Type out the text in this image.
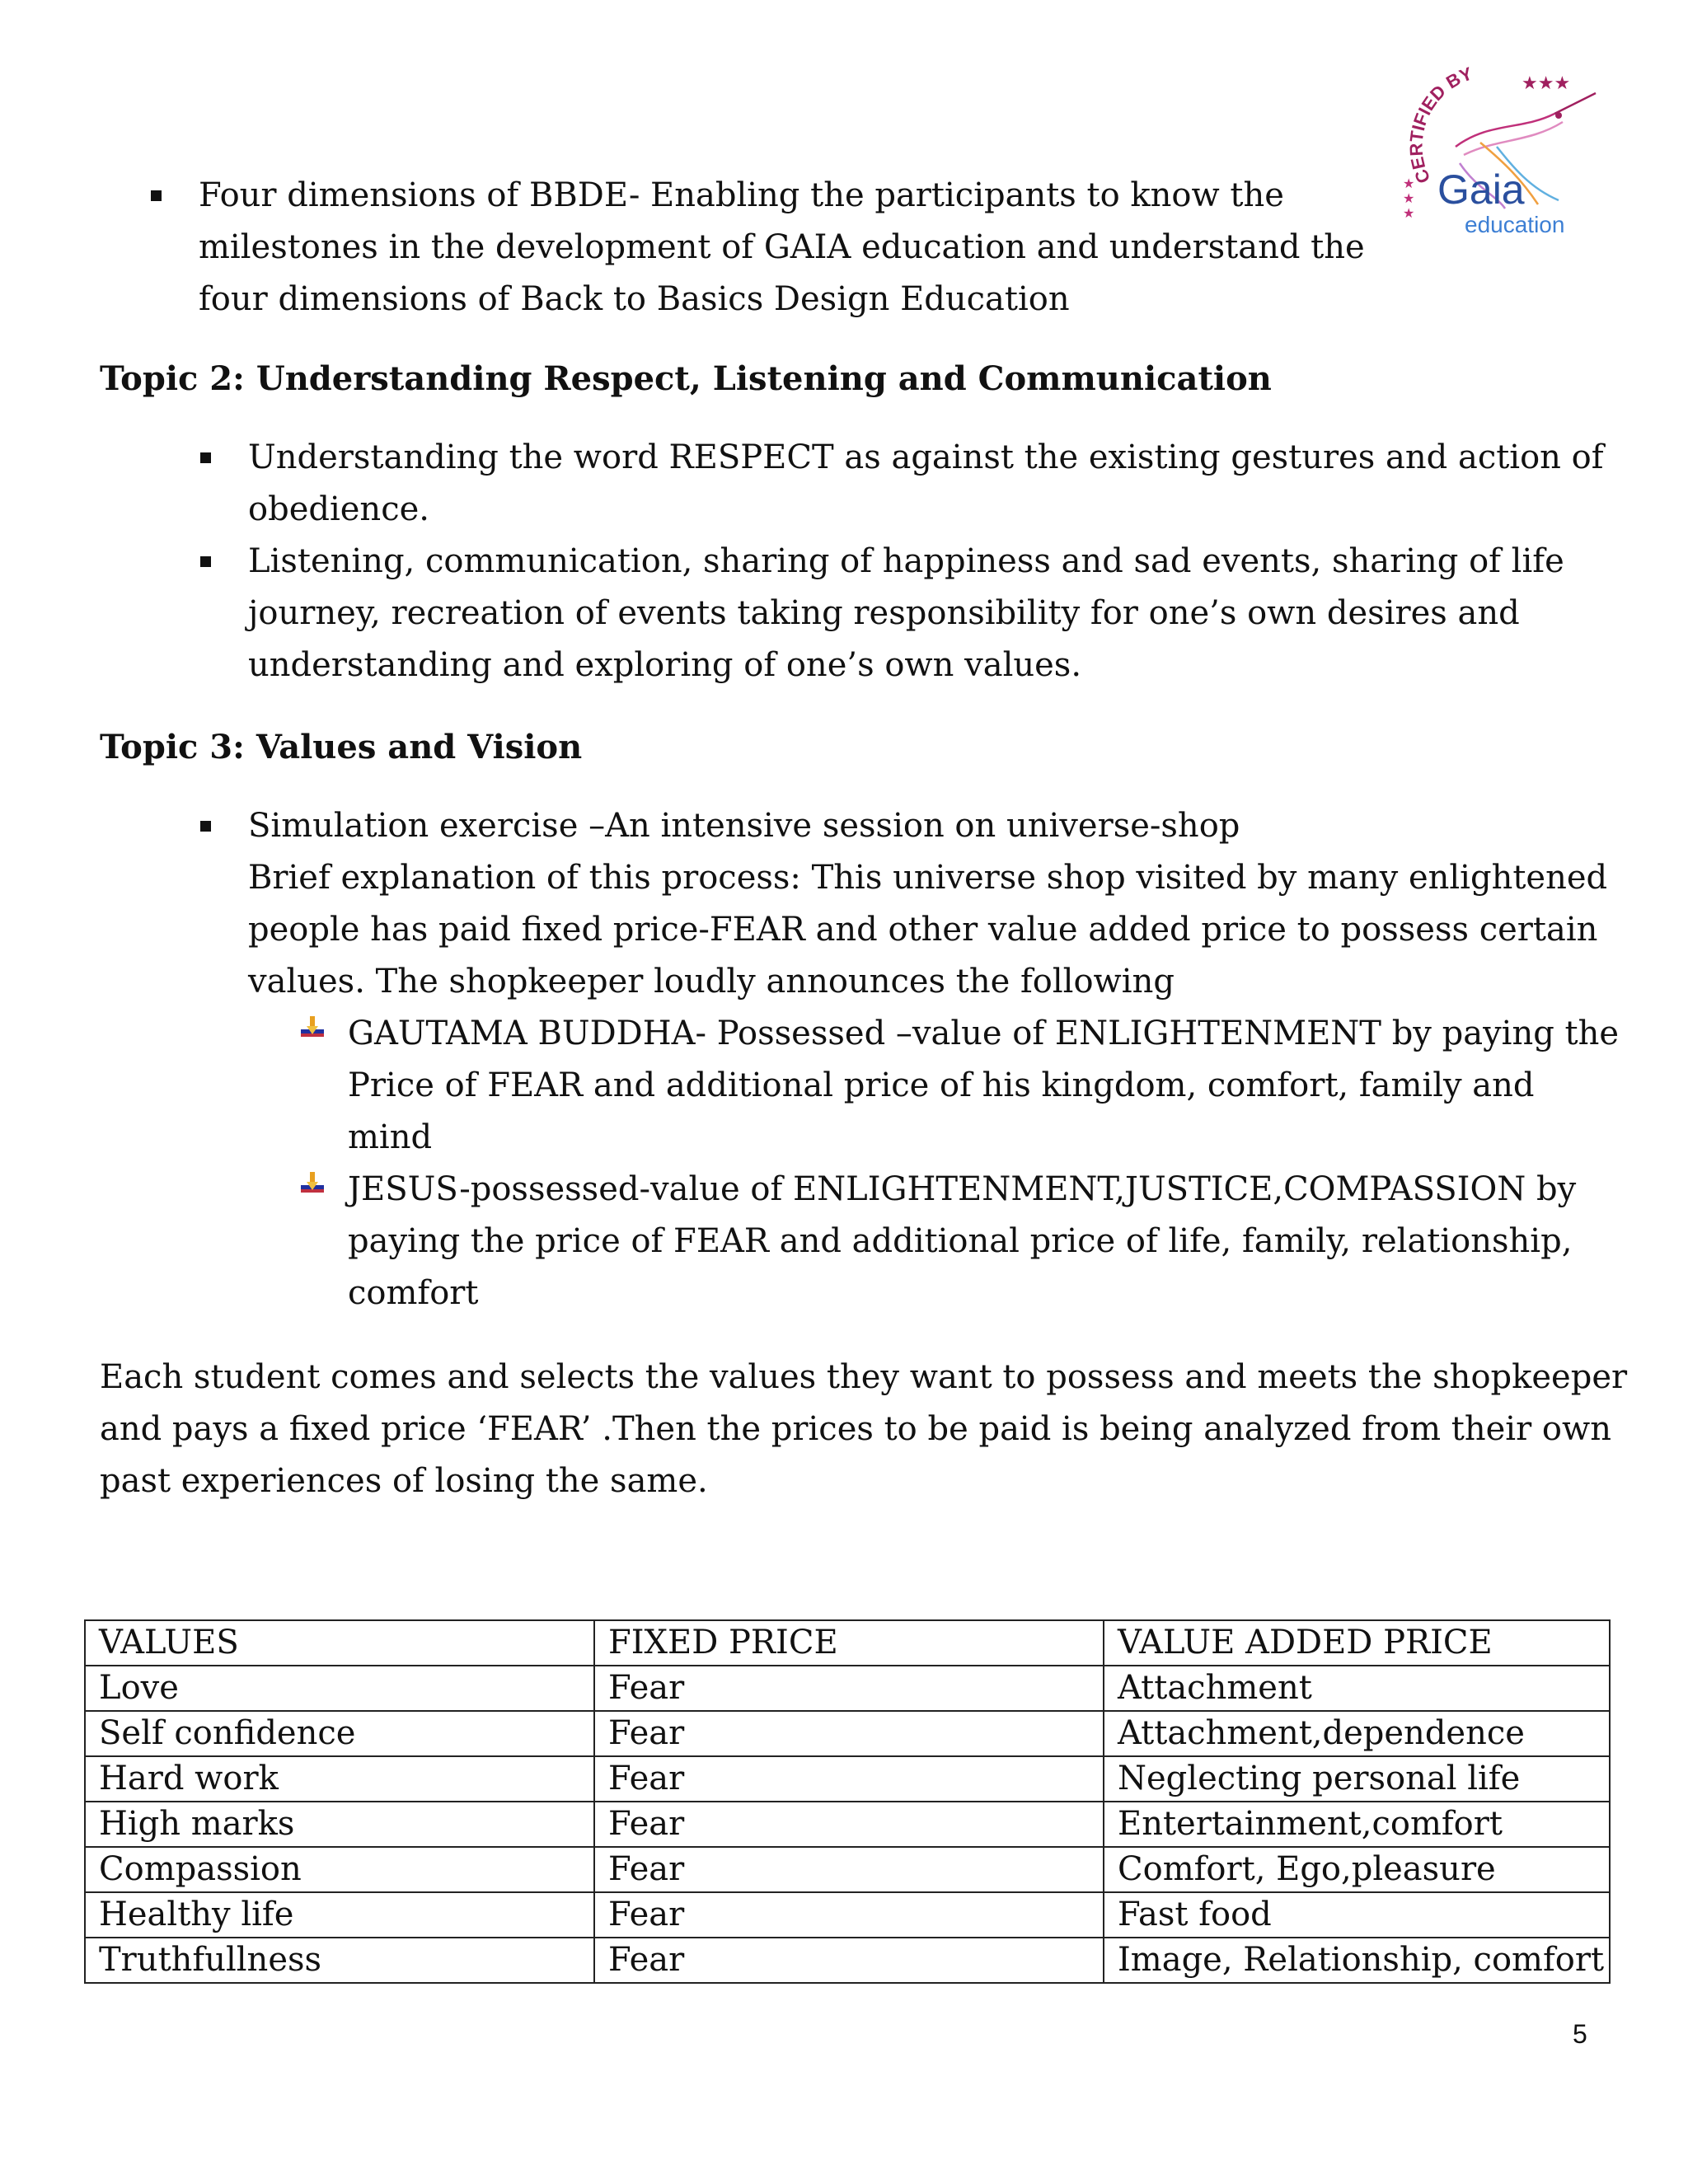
CERTIFIED BY	★★★
★
★
★
Gaia
education
Four dimensions of BBDE- Enabling the participants to know the
milestones in the development of GAIA education and understand the
four dimensions of Back to Basics Design Education
Topic 2: Understanding Respect, Listening and Communication
Understanding the word RESPECT as against the existing gestures and action of
obedience.
Listening, communication, sharing of happiness and sad events, sharing of life
journey, recreation of events taking responsibility for one’s own desires and
understanding and exploring of one’s own values.
Topic 3: Values and Vision
Simulation exercise –An intensive session on universe-shop
Brief explanation of this process: This universe shop visited by many enlightened
people has paid fixed price-FEAR and other value added price to possess certain
values. The shopkeeper loudly announces the following
GAUTAMA BUDDHA- Possessed –value of ENLIGHTENMENT by paying the
Price of FEAR and additional price of his kingdom, comfort, family and
mind
JESUS-possessed-value of ENLIGHTENMENT,JUSTICE,COMPASSION by
paying the price of FEAR and additional price of life, family, relationship,
comfort
Each student comes and selects the values they want to possess and meets the shopkeeper
and pays a fixed price ‘FEAR’ .Then the prices to be paid is being analyzed from their own
past experiences of losing the same.
VALUES	FIXED PRICE	VALUE ADDED PRICE
Love	Fear	Attachment
Self confidence	Fear	Attachment,dependence
Hard work	Fear	Neglecting personal life
High marks	Fear	Entertainment,comfort
Compassion	Fear	Comfort, Ego,pleasure
Healthy life	Fear	Fast food
Truthfullness	Fear	Image, Relationship, comfort
5
